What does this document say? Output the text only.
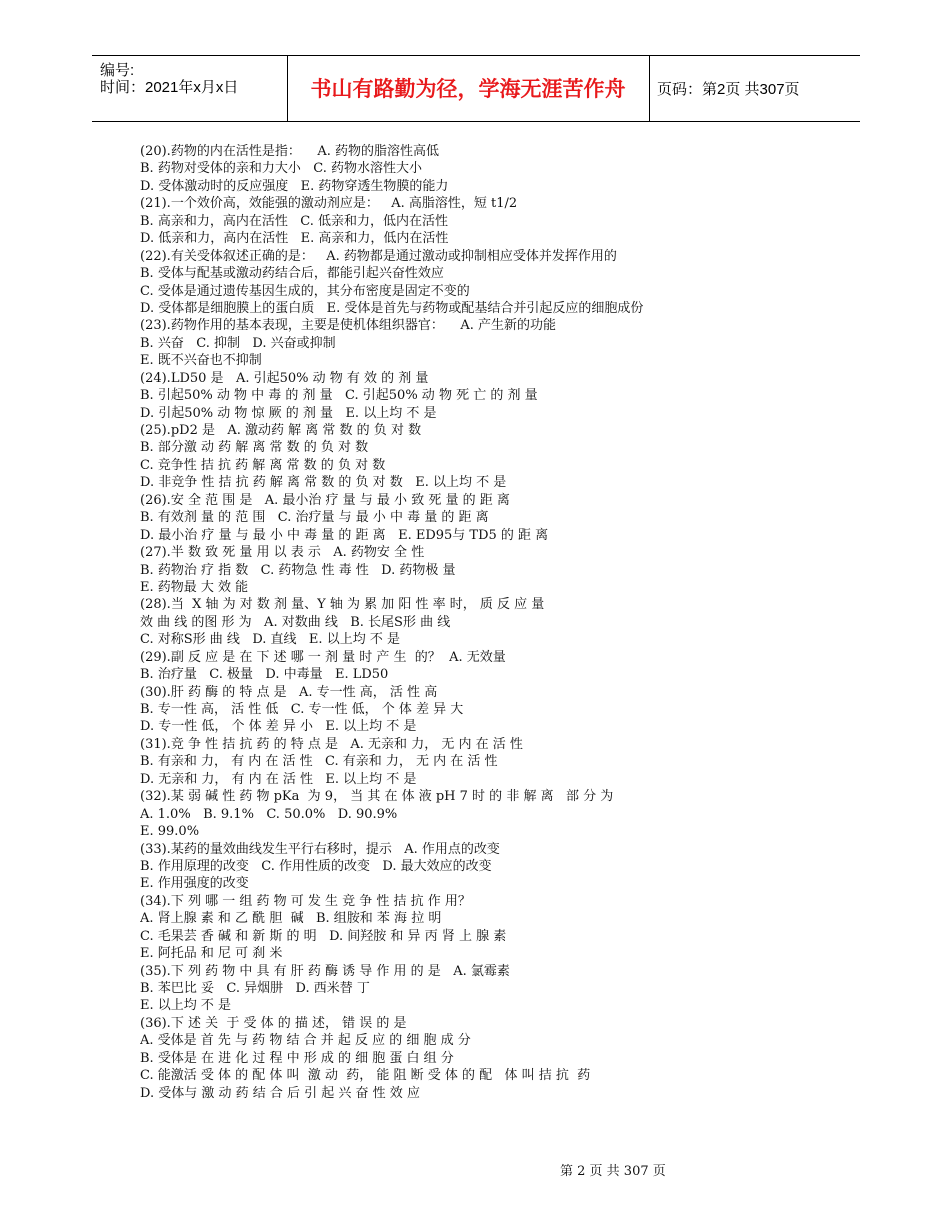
编号:
时间：2021年x月x日	书山有路勤为径，学海无涯苦作舟	页码：第2页 共307页
(20).药物的内在活性是指：    A. 药物的脂溶性高低
B. 药物对受体的亲和力大小   C. 药物水溶性大小
D. 受体激动时的反应强度   E. 药物穿透生物膜的能力
(21).一个效价高，效能强的激动剂应是：   A. 高脂溶性，短 t1/2
B. 高亲和力，高内在活性   C. 低亲和力，低内在活性
D. 低亲和力，高内在活性   E. 高亲和力，低内在活性
(22).有关受体叙述正确的是：   A. 药物都是通过激动或抑制相应受体并发挥作用的
B. 受体与配基或激动药结合后，都能引起兴奋性效应
C. 受体是通过遗传基因生成的，其分布密度是固定不变的
D. 受体都是细胞膜上的蛋白质   E. 受体是首先与药物或配基结合并引起反应的细胞成份
(23).药物作用的基本表现，主要是使机体组织器官：    A. 产生新的功能
B. 兴奋   C. 抑制   D. 兴奋或抑制
E. 既不兴奋也不抑制
(24).LD50 是   A. 引起50% 动 物 有 效 的 剂 量
B. 引起50% 动 物 中 毒 的 剂 量   C. 引起50% 动 物 死 亡 的 剂 量
D. 引起50% 动 物 惊 厥 的 剂 量   E. 以上均 不 是
(25).pD2 是   A. 激动药 解 离 常 数 的 负 对 数
B. 部分激 动 药 解 离 常 数 的 负 对 数
C. 竞争性 拮 抗 药 解 离 常 数 的 负 对 数
D. 非竞争 性 拮 抗 药 解 离 常 数 的 负 对 数   E. 以上均 不 是
(26).安 全 范 围 是   A. 最小治 疗 量 与 最 小 致 死 量 的 距 离
B. 有效剂 量 的 范 围   C. 治疗量 与 最 小 中 毒 量 的 距 离
D. 最小治 疗 量 与 最 小 中 毒 量 的 距 离   E. ED95与 TD5 的 距 离
(27).半 数 致 死 量 用 以 表 示   A. 药物安 全 性
B. 药物治 疗 指 数   C. 药物急 性 毒 性   D. 药物极 量
E. 药物最 大 效 能
(28).当  X 轴 为 对 数 剂 量、Y 轴 为 累 加 阳 性 率 时， 质 反 应 量
效 曲 线 的图 形 为   A. 对数曲 线   B. 长尾S形 曲 线
C. 对称S形 曲 线   D. 直线   E. 以上均 不 是
(29).副 反 应 是 在 下 述 哪 一 剂 量 时 产 生  的？  A. 无效量
B. 治疗量   C. 极量   D. 中毒量   E. LD50
(30).肝 药 酶 的 特 点 是   A. 专一性 高， 活 性 高
B. 专一性 高， 活 性 低   C. 专一性 低， 个 体 差 异 大
D. 专一性 低， 个 体 差 异 小   E. 以上均 不 是
(31).竞 争 性 拮 抗 药 的 特 点 是   A. 无亲和 力， 无 内 在 活 性
B. 有亲和 力， 有 内 在 活 性   C. 有亲和 力， 无 内 在 活 性
D. 无亲和 力， 有 内 在 活 性   E. 以上均 不 是
(32).某 弱 碱 性 药 物 pKa  为 9， 当 其 在 体 液 pH 7 时 的 非 解 离   部 分 为
A. 1.0%   B. 9.1%   C. 50.0%   D. 90.9%
E. 99.0%
(33).某药的量效曲线发生平行右移时，提示   A. 作用点的改变
B. 作用原理的改变   C. 作用性质的改变   D. 最大效应的改变
E. 作用强度的改变
(34).下 列 哪 一 组 药 物 可 发 生 竞 争 性 拮 抗 作 用？
A. 肾上腺 素 和 乙 酰 胆  碱   B. 组胺和 苯 海 拉 明
C. 毛果芸 香 碱 和 新 斯 的 明   D. 间羟胺 和 异 丙 肾 上 腺 素
E. 阿托品 和 尼 可 刹 米
(35).下 列 药 物 中 具 有 肝 药 酶 诱 导 作 用 的 是   A. 氯霉素
B. 苯巴比 妥   C. 异烟肼   D. 西米替 丁
E. 以上均 不 是
(36).下 述 关  于 受 体 的 描 述， 错 误 的 是
A. 受体是 首 先 与 药 物 结 合 并 起 反 应 的 细 胞 成 分
B. 受体是 在 进 化 过 程 中 形 成 的 细 胞 蛋 白 组 分
C. 能激活 受 体 的 配 体 叫  激 动  药， 能 阻 断 受 体 的 配   体 叫 拮 抗  药
D. 受体与 激 动 药 结 合 后 引 起 兴 奋 性 效 应
第 2 页 共 307 页
